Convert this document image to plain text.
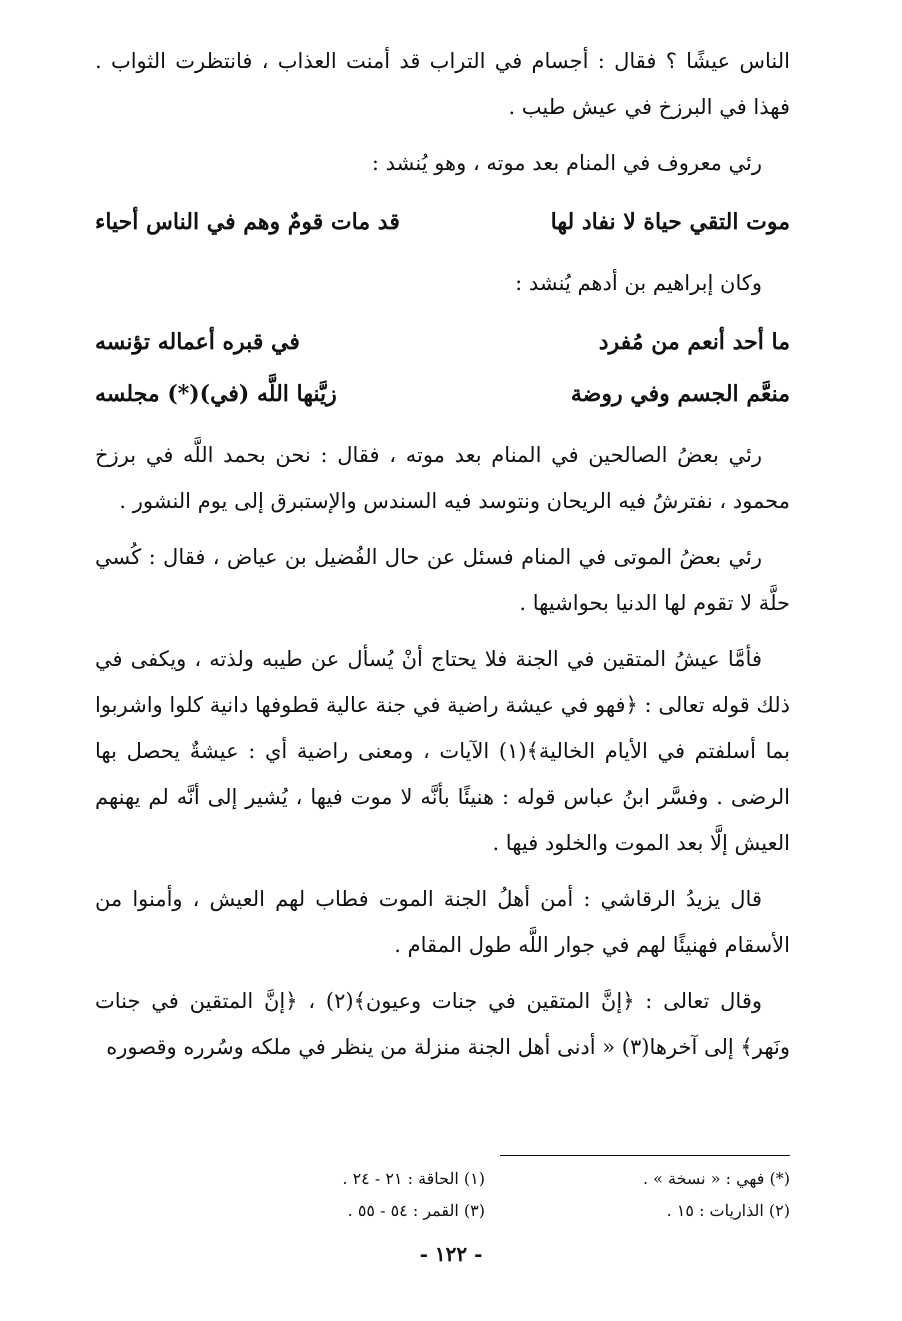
الناس عيشًا ؟ فقال : أجسام في التراب قد أمنت العذاب ، فانتظرت الثواب . فهذا في البرزخ في عيش طيب .

رئي معروف في المنام بعد موته ، وهو يُنشد :

موت التقي حياة لا نفاد لها
قد مات قومٌ وهم في الناس أحياء

وكان إبراهيم بن أدهم يُنشد :

ما أحد أنعم من مُفرد
في قبره أعماله تؤنسه
منعَّم الجسم وفي روضة
زيَّنها اللَّه (في)(*) مجلسه

رئي بعضُ الصالحين في المنام بعد موته ، فقال : نحن بحمد اللَّه في برزخ محمود ، نفترشُ فيه الريحان ونتوسد فيه السندس والإستبرق إلى يوم النشور .

رئي بعضُ الموتى في المنام فسئل عن حال الفُضيل بن عياض ، فقال : كُسي حلَّة لا تقوم لها الدنيا بحواشيها .

فأمَّا عيشُ المتقين في الجنة فلا يحتاج أنْ يُسأل عن طيبه ولذته ، ويكفى في ذلك قوله تعالى : ﴿فهو في عيشة راضية في جنة عالية قطوفها دانية كلوا واشربوا بما أسلفتم في الأيام الخالية﴾(١) الآيات ، ومعنى راضية أي : عيشةٌ يحصل بها الرضى . وفسَّر ابنُ عباس قوله : هنيئًا بأنَّه لا موت فيها ، يُشير إلى أنَّه لم يهنهم العيش إلَّا بعد الموت والخلود فيها .

قال يزيدُ الرقاشي : أمن أهلُ الجنة الموت فطاب لهم العيش ، وأمنوا من الأسقام فهنيئًا لهم في جوار اللَّه طول المقام .

وقال تعالى : ﴿إنَّ المتقين في جنات وعيون﴾(٢) ، ﴿إنَّ المتقين في جنات ونَهر﴾ إلى آخرها(٣) « أدنى أهل الجنة منزلة من ينظر في ملكه وسُرره وقصوره

(*) فهي : « نسخة » .
(١) الحاقة : ٢١ - ٢٤ .
(٢) الذاريات : ١٥ .
(٣) القمر : ٥٤ - ٥٥ .
- ١٢٢ -
